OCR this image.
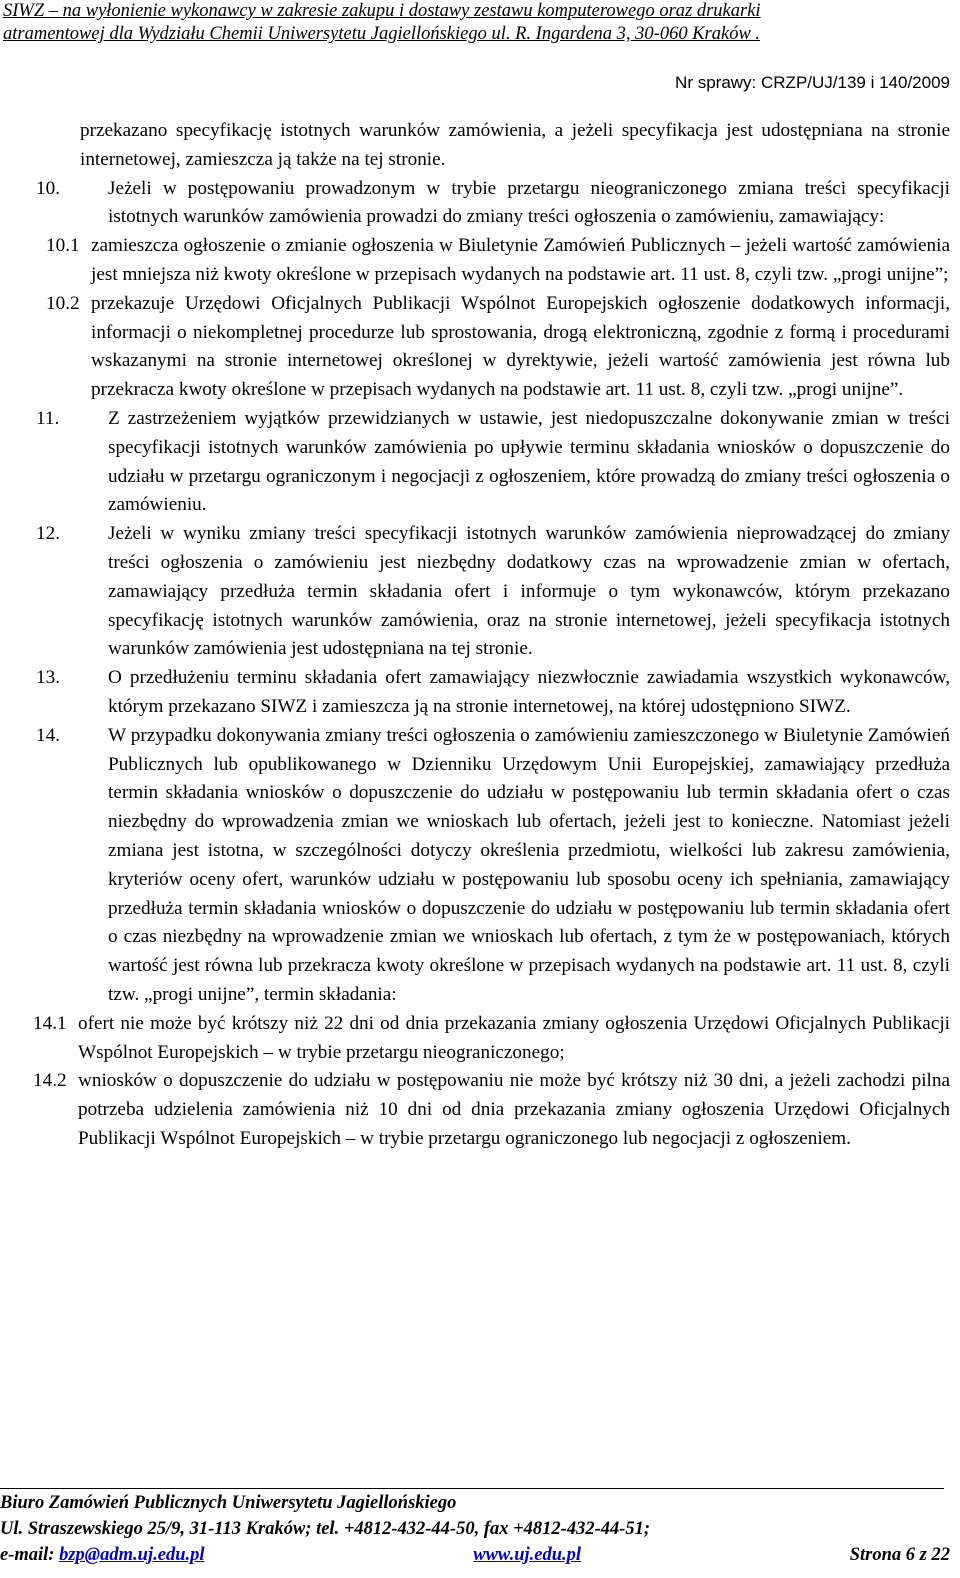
SIWZ – na wyłonienie wykonawcy w zakresie zakupu i dostawy zestawu komputerowego oraz drukarki
atramentowej dla Wydziału Chemii Uniwersytetu Jagiellońskiego ul. R. Ingardena 3, 30-060 Kraków .
Nr sprawy: CRZP/UJ/139 i 140/2009
przekazano specyfikację istotnych warunków zamówienia, a jeżeli specyfikacja jest udostępniana na stronie internetowej, zamieszcza ją także na tej stronie.
10.	Jeżeli w postępowaniu prowadzonym w trybie przetargu nieograniczonego zmiana treści specyfikacji istotnych warunków zamówienia prowadzi do zmiany treści ogłoszenia o zamówieniu, zamawiający:
10.1 zamieszcza ogłoszenie o zmianie ogłoszenia w Biuletynie Zamówień Publicznych – jeżeli wartość zamówienia jest mniejsza niż kwoty określone w przepisach wydanych na podstawie art. 11 ust. 8, czyli tzw. „progi unijne”;
10.2 przekazuje Urzędowi Oficjalnych Publikacji Wspólnot Europejskich ogłoszenie dodatkowych informacji, informacji o niekompletnej procedurze lub sprostowania, drogą elektroniczną, zgodnie z formą i procedurami wskazanymi na stronie internetowej określonej w dyrektywie, jeżeli wartość zamówienia jest równa lub przekracza kwoty określone w przepisach wydanych na podstawie art. 11 ust. 8, czyli tzw. „progi unijne”.
11.	Z zastrzeżeniem wyjątków przewidzianych w ustawie, jest niedopuszczalne dokonywanie zmian w treści specyfikacji istotnych warunków zamówienia po upływie terminu składania wniosków o dopuszczenie do udziału w przetargu ograniczonym i negocjacji z ogłoszeniem, które prowadzą do zmiany treści ogłoszenia o zamówieniu.
12.	Jeżeli w wyniku zmiany treści specyfikacji istotnych warunków zamówienia nieprowadzącej do zmiany treści ogłoszenia o zamówieniu jest niezbędny dodatkowy czas na wprowadzenie zmian w ofertach, zamawiający przedłuża termin składania ofert i informuje o tym wykonawców, którym przekazano specyfikację istotnych warunków zamówienia, oraz na stronie internetowej, jeżeli specyfikacja istotnych warunków zamówienia jest udostępniana na tej stronie.
13.	O przedłużeniu terminu składania ofert zamawiający niezwłocznie zawiadamia wszystkich wykonawców, którym przekazano SIWZ i zamieszcza ją na stronie internetowej, na której udostępniono SIWZ.
14.	W przypadku dokonywania zmiany treści ogłoszenia o zamówieniu zamieszczonego w Biuletynie Zamówień Publicznych lub opublikowanego w Dzienniku Urzędowym Unii Europejskiej, zamawiający przedłuża termin składania wniosków o dopuszczenie do udziału w postępowaniu lub termin składania ofert o czas niezbędny do wprowadzenia zmian we wnioskach lub ofertach, jeżeli jest to konieczne. Natomiast jeżeli zmiana jest istotna, w szczególności dotyczy określenia przedmiotu, wielkości lub zakresu zamówienia, kryteriów oceny ofert, warunków udziału w postępowaniu lub sposobu oceny ich spełniania, zamawiający przedłuża termin składania wniosków o dopuszczenie do udziału w postępowaniu lub termin składania ofert o czas niezbędny na wprowadzenie zmian we wnioskach lub ofertach, z tym że w postępowaniach, których wartość jest równa lub przekracza kwoty określone w przepisach wydanych na podstawie art. 11 ust. 8, czyli tzw. „progi unijne”, termin składania:
14.1 ofert nie może być krótszy niż 22 dni od dnia przekazania zmiany ogłoszenia Urzędowi Oficjalnych Publikacji Wspólnot Europejskich – w trybie przetargu nieograniczonego;
14.2 wniosków o dopuszczenie do udziału w postępowaniu nie może być krótszy niż 30 dni, a jeżeli zachodzi pilna potrzeba udzielenia zamówienia niż 10 dni od dnia przekazania zmiany ogłoszenia Urzędowi Oficjalnych Publikacji Wspólnot Europejskich – w trybie przetargu ograniczonego lub negocjacji z ogłoszeniem.
Biuro Zamówień Publicznych Uniwersytetu Jagiellońskiego
Ul. Straszewskiego 25/9, 31-113 Kraków; tel. +4812-432-44-50, fax +4812-432-44-51;
e-mail: bzp@adm.uj.edu.pl	www.uj.edu.pl	Strona 6 z 22
